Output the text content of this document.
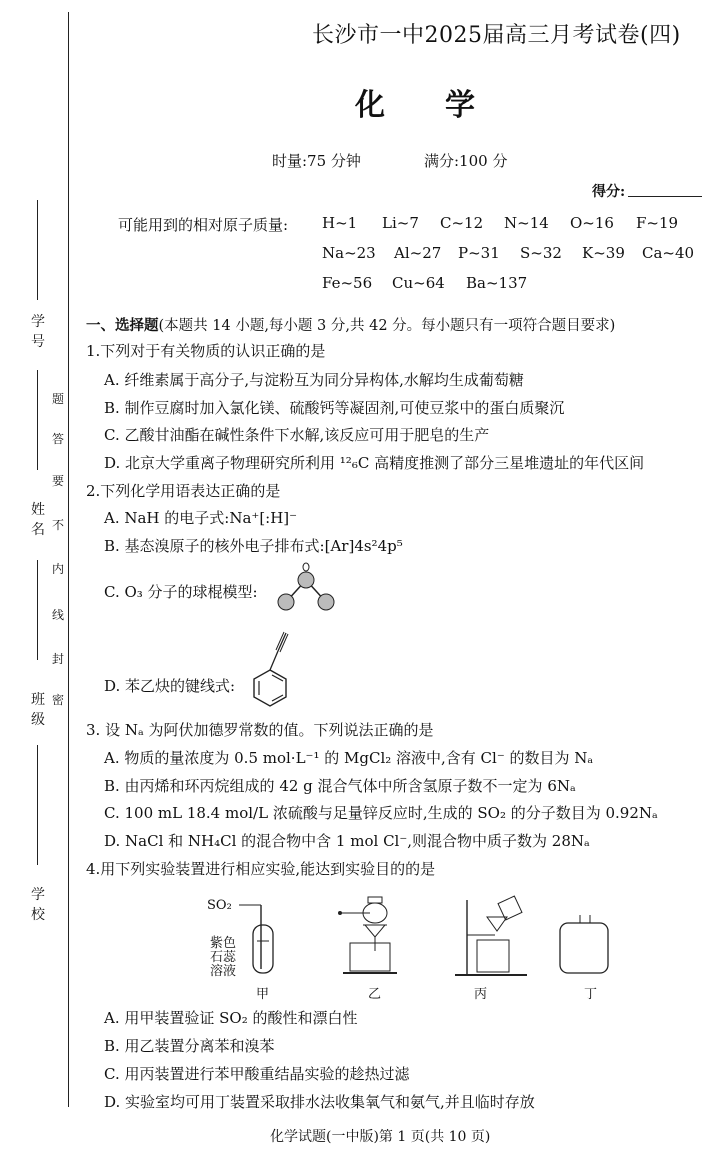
学号
姓名
班级
学校
题
答
要
不
内
线
封
密
长沙市一中2025届高三月考试卷(四)
化学
时量:75 分钟	满分:100 分
得分:
可能用到的相对原子质量: H~1 Li~7 C~12 N~14 O~16 F~19
Na~23 Al~27 P~31 S~32 K~39 Ca~40
Fe~56 Cu~64 Ba~137
一、选择题(本题共 14 小题,每小题 3 分,共 42 分。每小题只有一项符合题目要求)
1.下列对于有关物质的认识正确的是
A. 纤维素属于高分子,与淀粉互为同分异构体,水解均生成葡萄糖
B. 制作豆腐时加入氯化镁、硫酸钙等凝固剂,可使豆浆中的蛋白质聚沉
C. 乙酸甘油酯在碱性条件下水解,该反应可用于肥皂的生产
D. 北京大学重离子物理研究所利用 ¹²₆C 高精度推测了部分三星堆遗址的年代区间
2.下列化学用语表达正确的是
A. NaH 的电子式:Na⁺[:H]⁻
B. 基态溴原子的核外电子排布式:[Ar]4s²4p⁵
C. O₃ 分子的球棍模型:
D. 苯乙炔的键线式:
3. 设 Nₐ 为阿伏加德罗常数的值。下列说法正确的是
A. 物质的量浓度为 0.5 mol·L⁻¹ 的 MgCl₂ 溶液中,含有 Cl⁻ 的数目为 Nₐ
B. 由丙烯和环丙烷组成的 42 g 混合气体中所含氢原子数不一定为 6Nₐ
C. 100 mL 18.4 mol/L 浓硫酸与足量锌反应时,生成的 SO₂ 的分子数目为 0.92Nₐ
D. NaCl 和 NH₄Cl 的混合物中含 1 mol Cl⁻,则混合物中质子数为 28Nₐ
4.用下列实验装置进行相应实验,能达到实验目的的是
SO₂
紫色
石蕊
溶液
甲	乙	丙	丁
A. 用甲装置验证 SO₂ 的酸性和漂白性
B. 用乙装置分离苯和溴苯
C. 用丙装置进行苯甲酸重结晶实验的趁热过滤
D. 实验室均可用丁装置采取排水法收集氧气和氨气,并且临时存放
化学试题(一中版)第 1 页(共 10 页)
